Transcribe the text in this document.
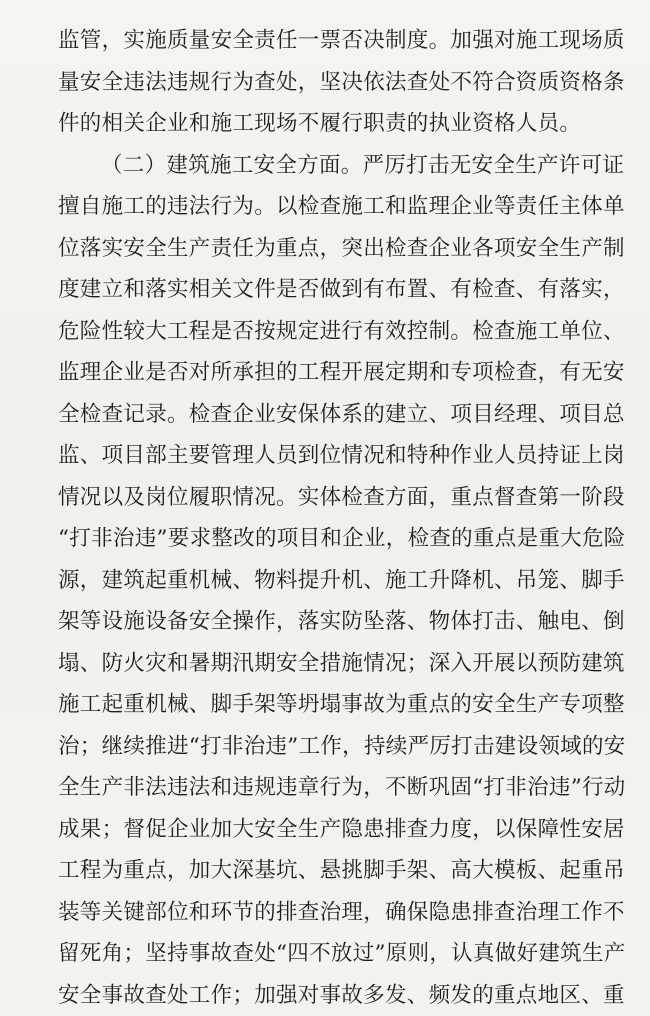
监管，实施质量安全责任一票否决制度。加强对施工现场质
量安全违法违规行为查处，坚决依法查处不符合资质资格条
件的相关企业和施工现场不履行职责的执业资格人员。
（二）建筑施工安全方面。严厉打击无安全生产许可证
擅自施工的违法行为。以检查施工和监理企业等责任主体单
位落实安全生产责任为重点，突出检查企业各项安全生产制
度建立和落实相关文件是否做到有布置、有检查、有落实，
危险性较大工程是否按规定进行有效控制。检查施工单位、
监理企业是否对所承担的工程开展定期和专项检查，有无安
全检查记录。检查企业安保体系的建立、项目经理、项目总
监、项目部主要管理人员到位情况和特种作业人员持证上岗
情况以及岗位履职情况。实体检查方面，重点督查第一阶段
“打非治违”要求整改的项目和企业，检查的重点是重大危险
源，建筑起重机械、物料提升机、施工升降机、吊笼、脚手
架等设施设备安全操作，落实防坠落、物体打击、触电、倒
塌、防火灾和暑期汛期安全措施情况；深入开展以预防建筑
施工起重机械、脚手架等坍塌事故为重点的安全生产专项整
治；继续推进“打非治违”工作，持续严厉打击建设领域的安
全生产非法违法和违规违章行为，不断巩固“打非治违”行动
成果；督促企业加大安全生产隐患排查力度，以保障性安居
工程为重点，加大深基坑、悬挑脚手架、高大模板、起重吊
装等关键部位和环节的排查治理，确保隐患排查治理工作不
留死角；坚持事故查处“四不放过”原则，认真做好建筑生产
安全事故查处工作；加强对事故多发、频发的重点地区、重
